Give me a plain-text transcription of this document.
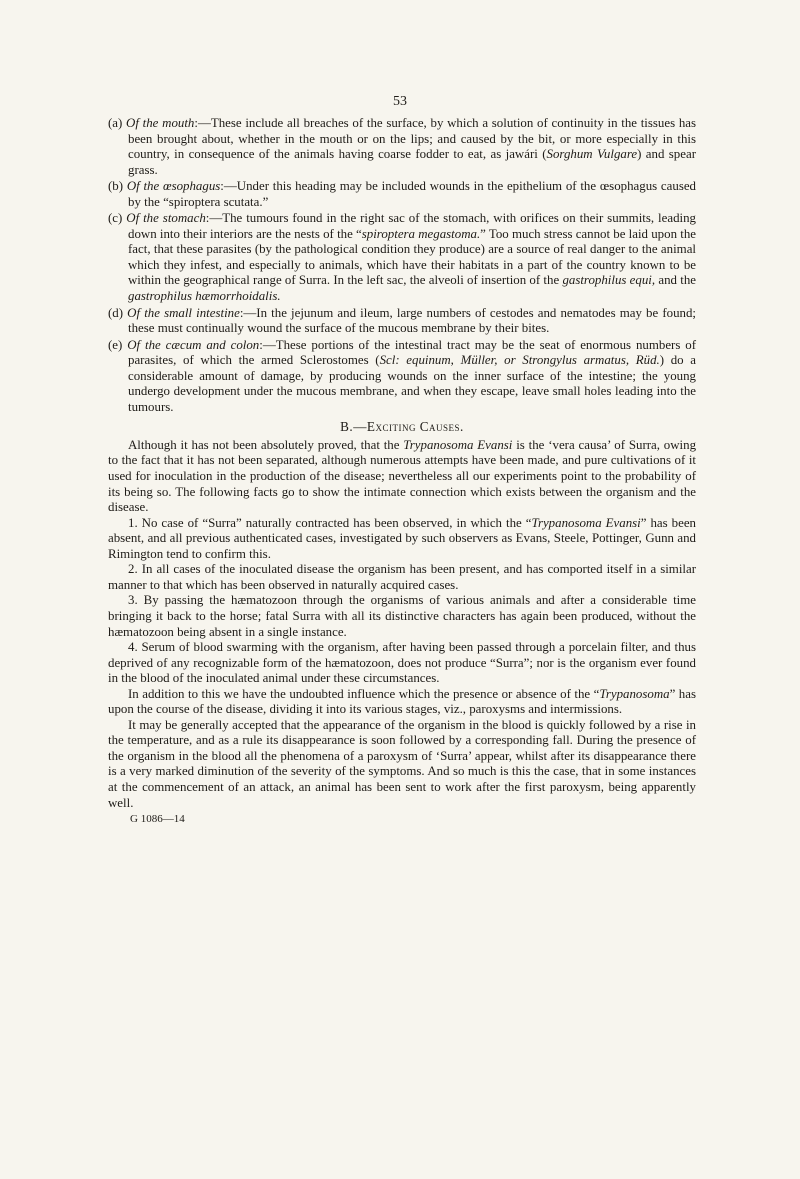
53

(a) Of the mouth:—These include all breaches of the surface, by which a solution of continuity in the tissues has been brought about, whether in the mouth or on the lips; and caused by the bit, or more especially in this country, in consequence of the animals having coarse fodder to eat, as jawári (Sorghum Vulgare) and spear grass.

(b) Of the œsophagus:—Under this heading may be included wounds in the epithelium of the œsophagus caused by the “spiroptera scutata.”

(c) Of the stomach:—The tumours found in the right sac of the stomach, with orifices on their summits, leading down into their interiors are the nests of the “spiroptera megastoma.” Too much stress cannot be laid upon the fact, that these parasites (by the pathological condition they produce) are a source of real danger to the animal which they infest, and especially to animals, which have their habitats in a part of the country known to be within the geographical range of Surra. In the left sac, the alveoli of insertion of the gastrophilus equi, and the gastrophilus hæmorrhoidalis.

(d) Of the small intestine:—In the jejunum and ileum, large numbers of cestodes and nematodes may be found; these must continually wound the surface of the mucous membrane by their bites.

(e) Of the cæcum and colon:—These portions of the intestinal tract may be the seat of enormous numbers of parasites, of which the armed Sclerostomes (Scl: equinum, Müller, or Strongylus armatus, Rüd.) do a considerable amount of damage, by producing wounds on the inner surface of the intestine; the young undergo development under the mucous membrane, and when they escape, leave small holes leading into the tumours.

B.—Exciting Causes.

Although it has not been absolutely proved, that the Trypanosoma Evansi is the ‘vera causa’ of Surra, owing to the fact that it has not been separated, although numerous attempts have been made, and pure cultivations of it used for inoculation in the production of the disease; nevertheless all our experiments point to the probability of its being so. The following facts go to show the intimate connection which exists between the organism and the disease.

1. No case of “Surra” naturally contracted has been observed, in which the “Trypanosoma Evansi” has been absent, and all previous authenticated cases, investigated by such observers as Evans, Steele, Pottinger, Gunn and Rimington tend to confirm this.

2. In all cases of the inoculated disease the organism has been present, and has comported itself in a similar manner to that which has been observed in naturally acquired cases.

3. By passing the hæmatozoon through the organisms of various animals and after a considerable time bringing it back to the horse; fatal Surra with all its distinctive characters has again been produced, without the hæmatozoon being absent in a single instance.

4. Serum of blood swarming with the organism, after having been passed through a porcelain filter, and thus deprived of any recognizable form of the hæmatozoon, does not produce “Surra”; nor is the organism ever found in the blood of the inoculated animal under these circumstances.

In addition to this we have the undoubted influence which the presence or absence of the “Trypanosoma” has upon the course of the disease, dividing it into its various stages, viz., paroxysms and intermissions.

It may be generally accepted that the appearance of the organism in the blood is quickly followed by a rise in the temperature, and as a rule its disappearance is soon followed by a corresponding fall. During the presence of the organism in the blood all the phenomena of a paroxysm of ‘Surra’ appear, whilst after its disappearance there is a very marked diminution of the severity of the symptoms. And so much is this the case, that in some instances at the commencement of an attack, an animal has been sent to work after the first paroxysm, being apparently well.

G 1086—14
